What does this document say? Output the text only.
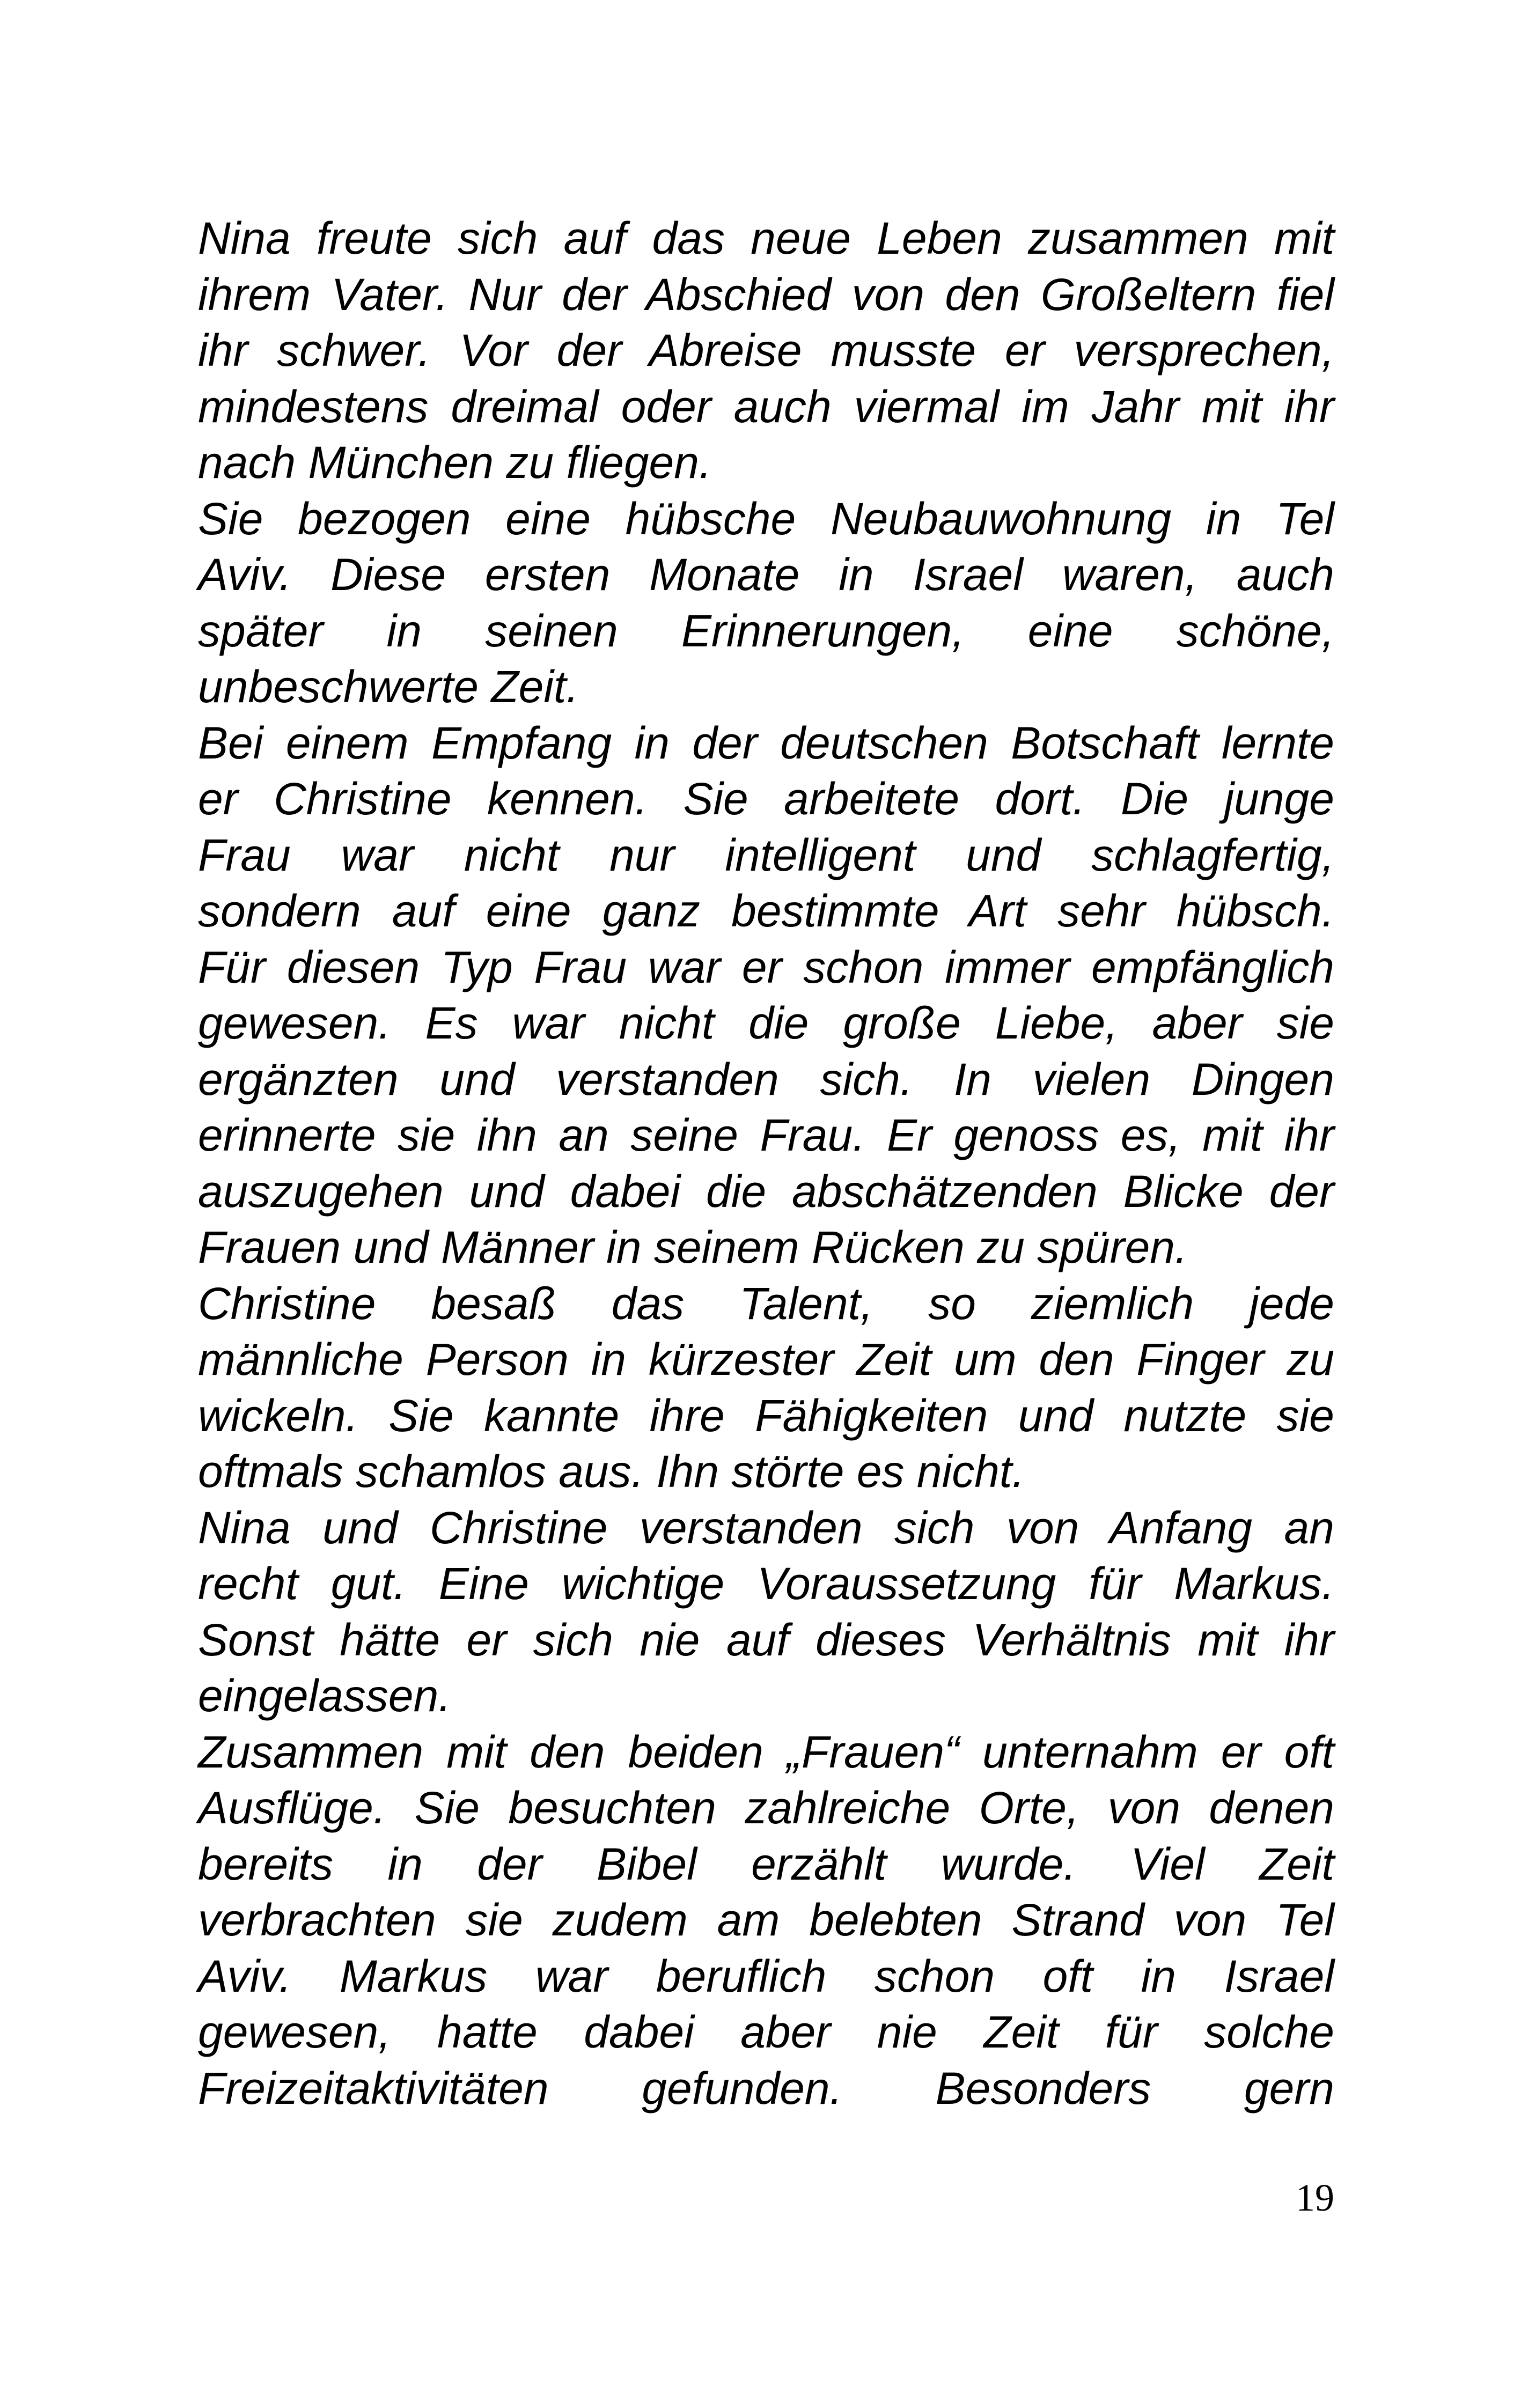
Nina freute sich auf das neue Leben zusammen mit
ihrem Vater. Nur der Abschied von den Großeltern fiel
ihr schwer. Vor der Abreise musste er versprechen,
mindestens dreimal oder auch viermal im Jahr mit ihr
nach München zu fliegen.
Sie bezogen eine hübsche Neubauwohnung in Tel
Aviv. Diese ersten Monate in Israel waren, auch
später in seinen Erinnerungen, eine schöne,
unbeschwerte Zeit.
Bei einem Empfang in der deutschen Botschaft lernte
er Christine kennen. Sie arbeitete dort. Die junge
Frau war nicht nur intelligent und schlagfertig,
sondern auf eine ganz bestimmte Art sehr hübsch.
Für diesen Typ Frau war er schon immer empfänglich
gewesen. Es war nicht die große Liebe, aber sie
ergänzten und verstanden sich. In vielen Dingen
erinnerte sie ihn an seine Frau. Er genoss es, mit ihr
auszugehen und dabei die abschätzenden Blicke der
Frauen und Männer in seinem Rücken zu spüren.
Christine besaß das Talent, so ziemlich jede
männliche Person in kürzester Zeit um den Finger zu
wickeln. Sie kannte ihre Fähigkeiten und nutzte sie
oftmals schamlos aus. Ihn störte es nicht.
Nina und Christine verstanden sich von Anfang an
recht gut. Eine wichtige Voraussetzung für Markus.
Sonst hätte er sich nie auf dieses Verhältnis mit ihr
eingelassen.
Zusammen mit den beiden „Frauen“ unternahm er oft
Ausflüge. Sie besuchten zahlreiche Orte, von denen
bereits in der Bibel erzählt wurde. Viel Zeit
verbrachten sie zudem am belebten Strand von Tel
Aviv. Markus war beruflich schon oft in Israel
gewesen, hatte dabei aber nie Zeit für solche
Freizeitaktivitäten gefunden. Besonders gern
19
